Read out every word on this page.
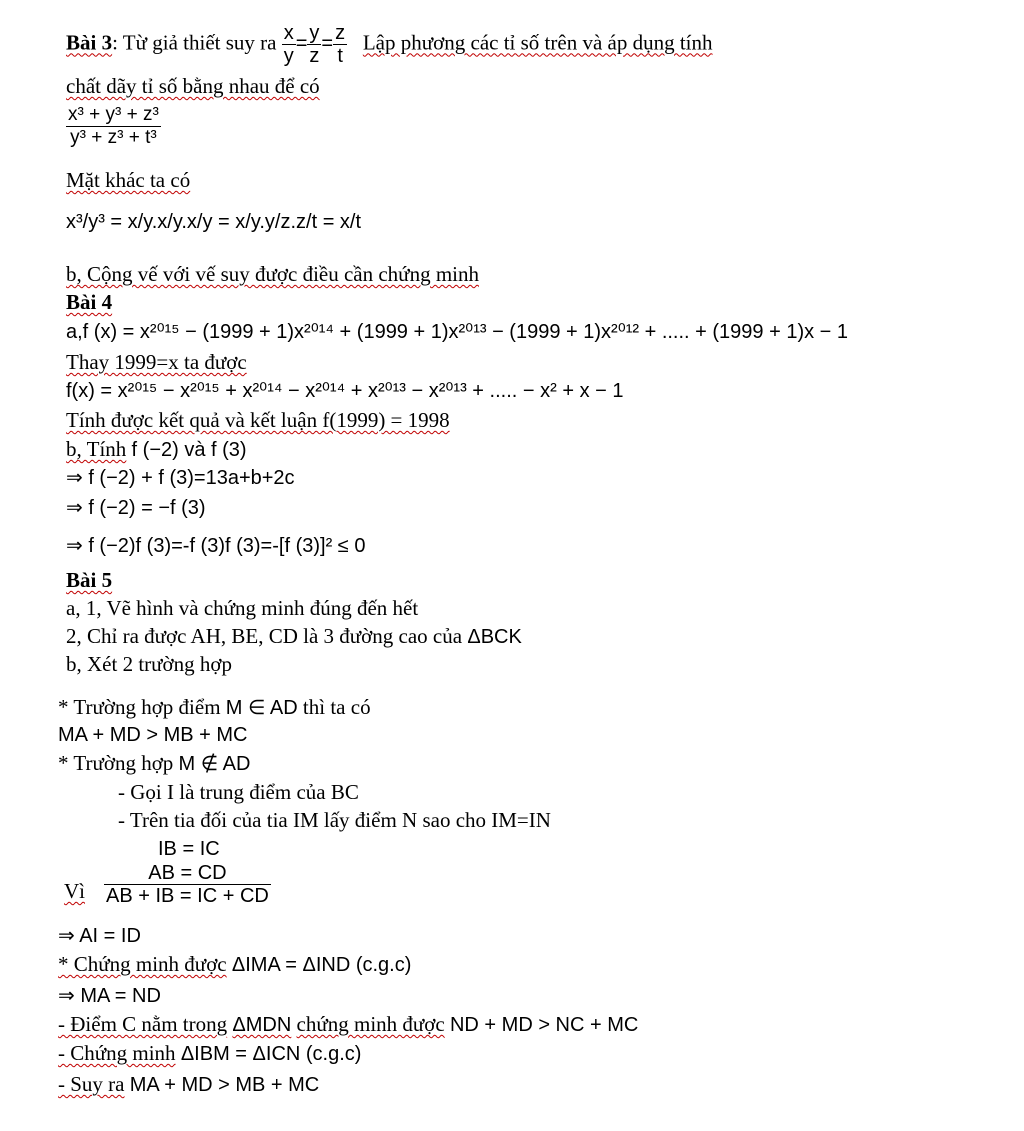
Bài 3: Từ giả thiết suy ra $\frac{x}{y} = \frac{y}{z} = \frac{z}{t}$ Lập phương các tỉ số trên và áp dụng tính
chất dãy tỉ số bằng nhau để có
$\frac{\text{x³ + y³ + z³}}{\text{y³ + z³ + t³}}$
Mặt khác ta có
x³/y³ = x/y.x/y.x/y = x/y.y/z.z/t = x/t
b, Cộng vế với vế suy được điều cần chứng minh
Bài 4
a,f (x) = x²⁰¹⁵ − (1999 + 1)x²⁰¹⁴ + (1999 + 1)x²⁰¹³ − (1999 + 1)x²⁰¹² + ..... + (1999 + 1)x − 1
Thay 1999=x ta được
f(x) = x²⁰¹⁵ − x²⁰¹⁵ + x²⁰¹⁴ − x²⁰¹⁴ + x²⁰¹³ − x²⁰¹³ + ..... − x² + x − 1
Tính được kết quả và kết luận f(1999) = 1998
b, Tính f (−2) và f (3)
⇒ f (−2) + f (3)=13a+b+2c
⇒ f (−2) = −f (3)
⇒ f (−2)f (3)=-f (3)f (3)=-[f (3)]² ≤ 0
Bài 5
a, 1, Vẽ hình và chứng minh đúng đến hết
2, Chỉ ra được AH, BE, CD là 3 đường cao của ΔBCK
b, Xét 2 trường hợp
* Trường hợp điểm M ∈ AD thì ta có
MA + MD > MB + MC
* Trường hợp M ∉ AD
- Gọi I là trung điểm của BC
- Trên tia đối của tia IM lấy điểm N sao cho IM=IN
IB = IC
Vì $\frac{AB = CD}{AB + IB = IC + CD}$
⇒ AI = ID
* Chứng minh được ΔIMA = ΔIND (c.g.c)
⇒ MA = ND
- Điểm C nằm trong ΔMDN chứng minh được ND + MD > NC + MC
- Chứng minh ΔIBM = ΔICN (c.g.c)
- Suy ra MA + MD > MB + MC
